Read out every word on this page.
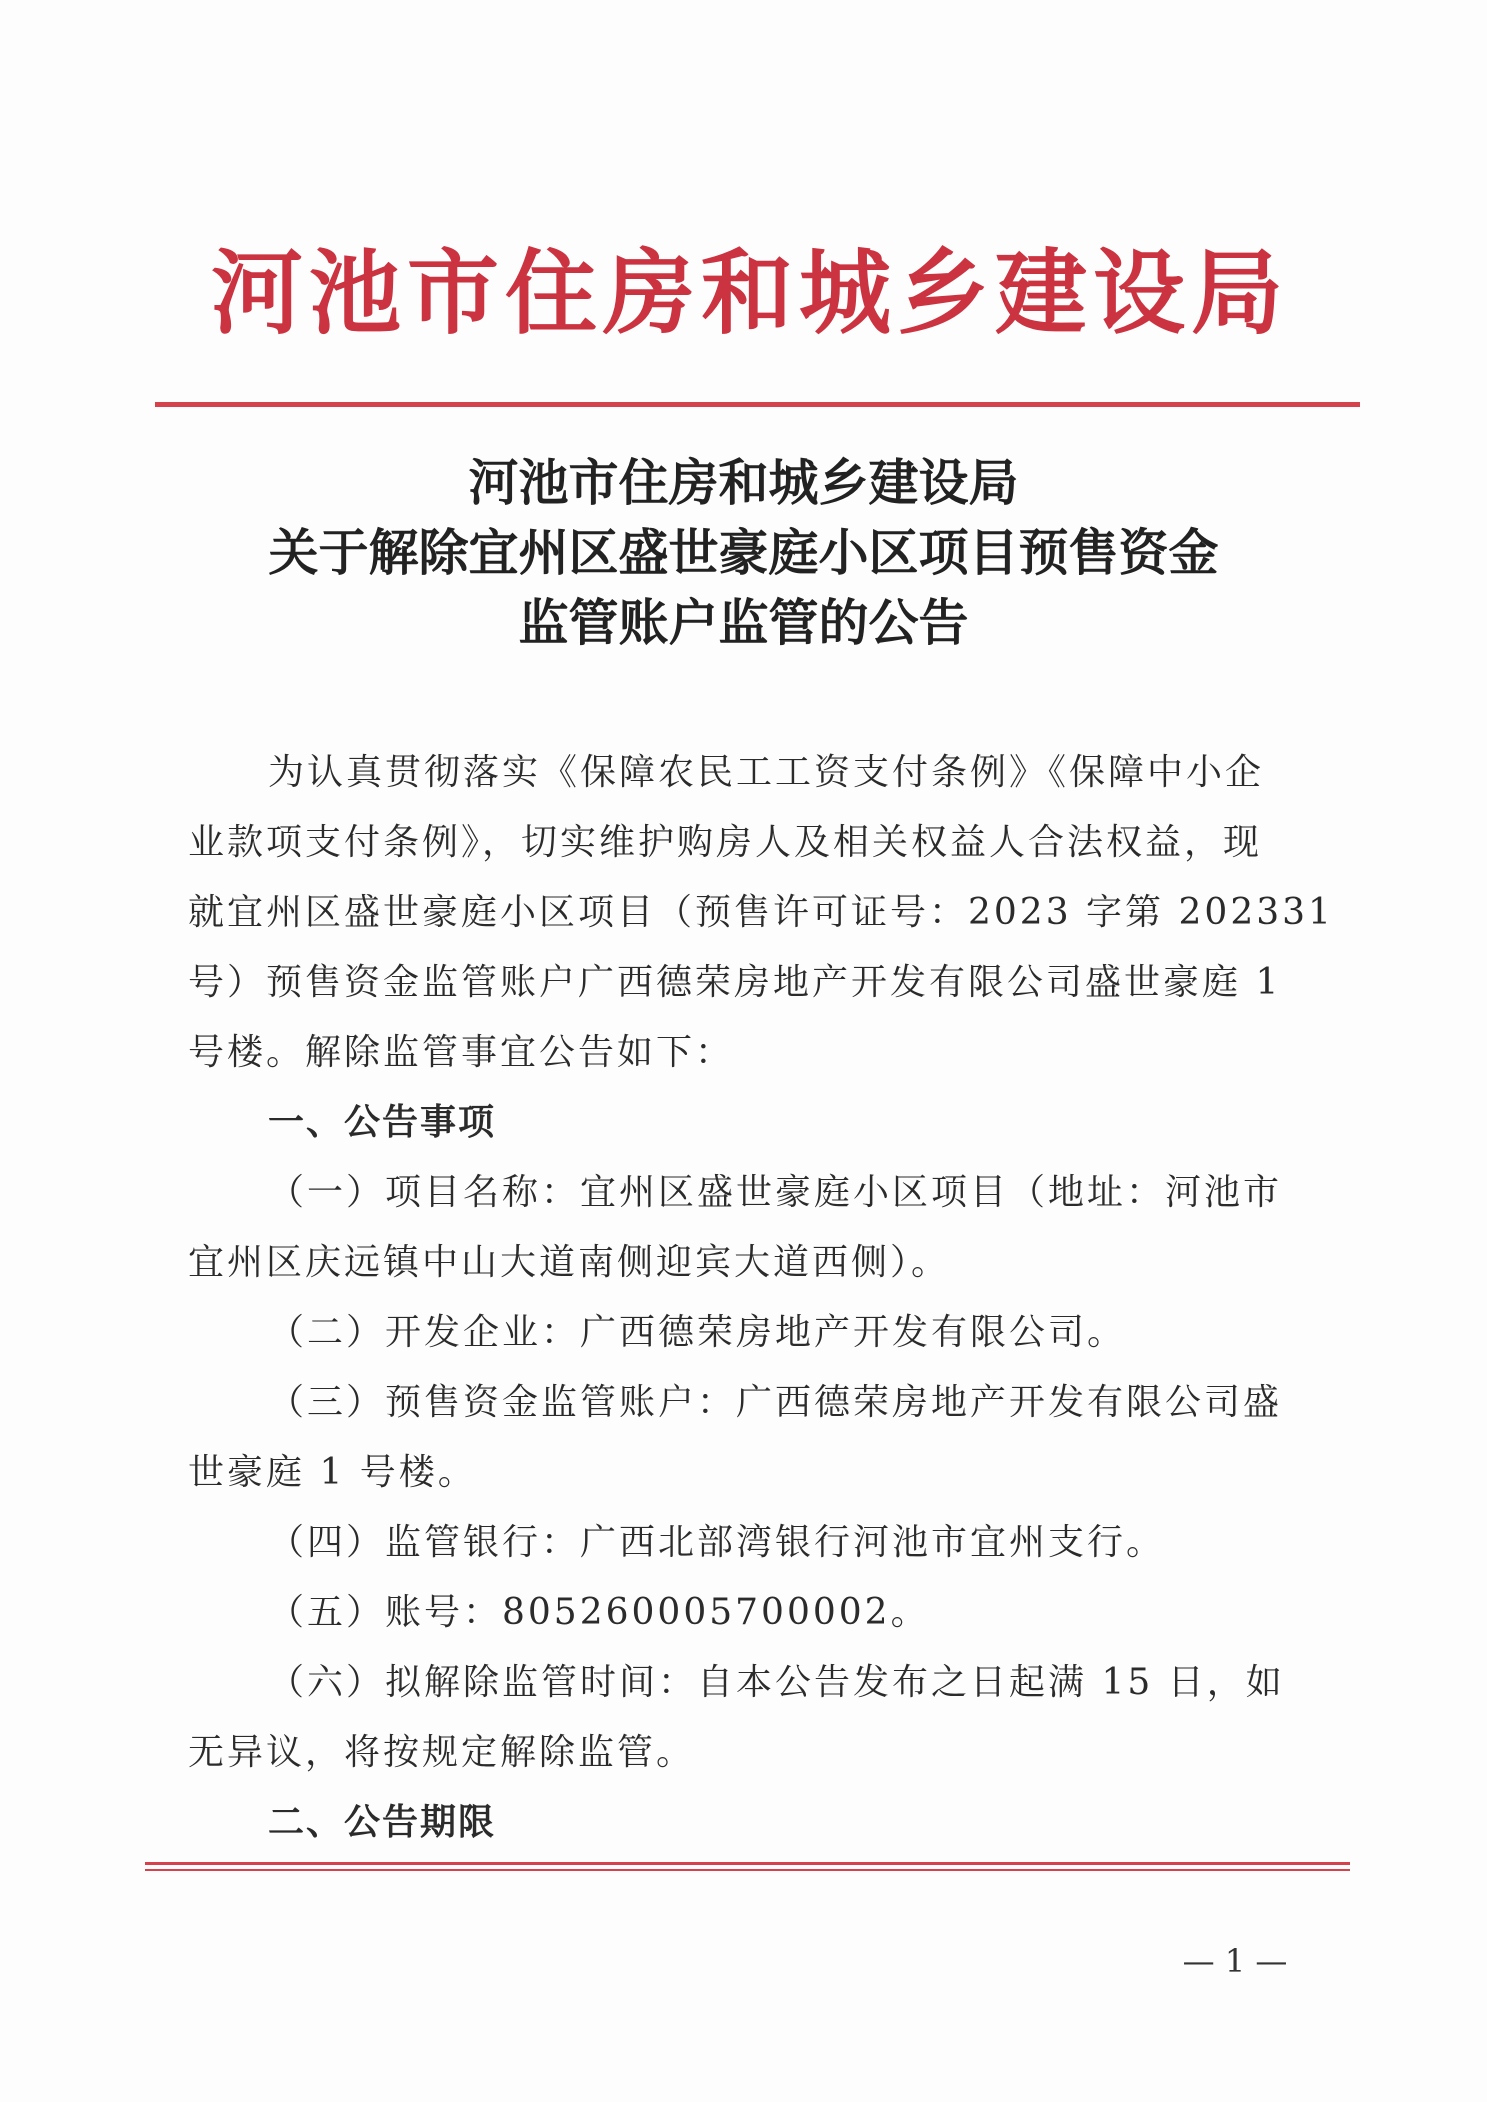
河池市住房和城乡建设局
河池市住房和城乡建设局
关于解除宜州区盛世豪庭小区项目预售资金
监管账户监管的公告
为认真贯彻落实《保障农民工工资支付条例》《保障中小企
业款项支付条例》，切实维护购房人及相关权益人合法权益，现
就宜州区盛世豪庭小区项目（预售许可证号：2023 字第 202331
号）预售资金监管账户广西德荣房地产开发有限公司盛世豪庭 1
号楼。解除监管事宜公告如下：
一、公告事项
（一）项目名称：宜州区盛世豪庭小区项目（地址：河池市
宜州区庆远镇中山大道南侧迎宾大道西侧）。
（二）开发企业：广西德荣房地产开发有限公司。
（三）预售资金监管账户：广西德荣房地产开发有限公司盛
世豪庭 1 号楼。
（四）监管银行：广西北部湾银行河池市宜州支行。
（五）账号：805260005700002。
（六）拟解除监管时间：自本公告发布之日起满 15 日，如
无异议，将按规定解除监管。
二、公告期限
— 1 —
